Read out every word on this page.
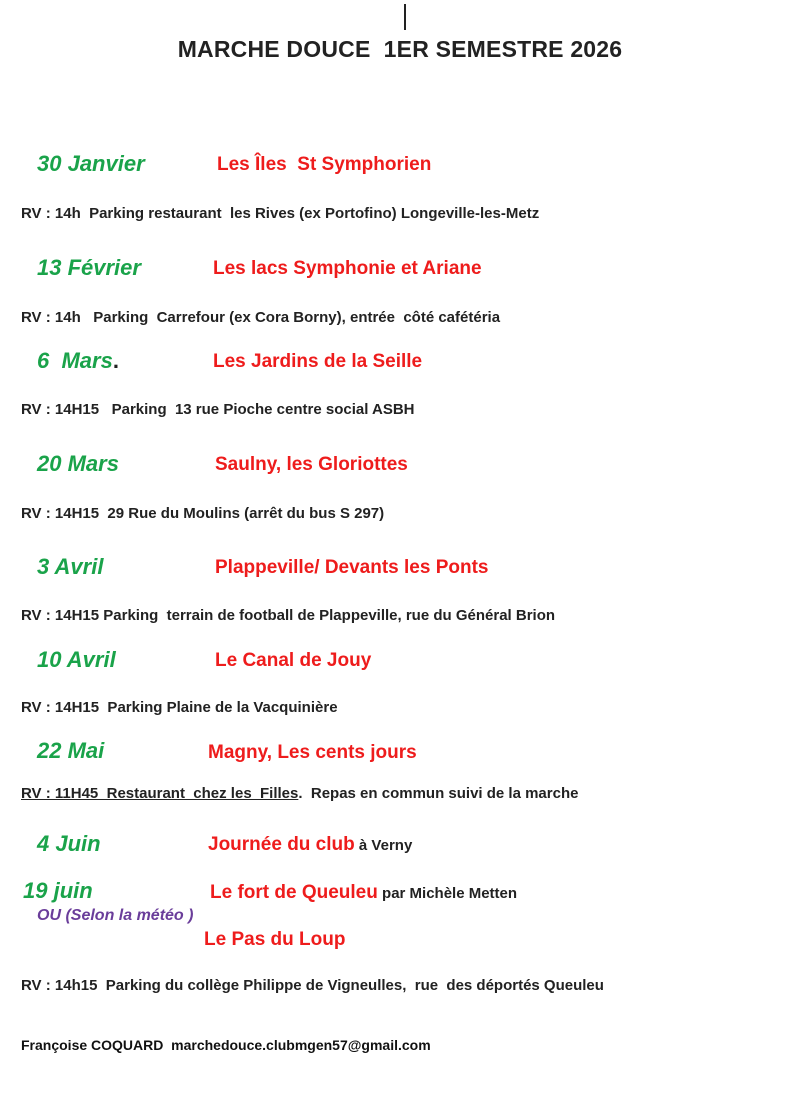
MARCHE DOUCE  1ER SEMESTRE 2026
30 Janvier	Les Îles  St Symphorien
RV : 14h  Parking restaurant  les Rives (ex Portofino) Longeville-les-Metz
13 Février	Les lacs Symphonie et Ariane
RV : 14h   Parking  Carrefour (ex Cora Borny), entrée  côté cafétéria
6  Mars.	Les Jardins de la Seille
RV : 14H15   Parking  13 rue Pioche centre social ASBH
20 Mars	Saulny, les Gloriottes
RV : 14H15  29 Rue du Moulins (arrêt du bus S 297)
3 Avril	Plappeville/ Devants les Ponts
RV : 14H15 Parking  terrain de football de Plappeville, rue du Général Brion
10 Avril	Le Canal de Jouy
RV : 14H15  Parking Plaine de la Vacquinière
22 Mai	Magny, Les cents jours
RV : 11H45  Restaurant  chez les  Filles.  Repas en commun suivi de la marche
4 Juin	Journée du club à Verny
19 juin	Le fort de Queuleu par Michèle Metten
OU (Selon la météo )
Le Pas du Loup
RV : 14h15  Parking du collège Philippe de Vigneulles,  rue  des déportés Queuleu
Françoise COQUARD  marchedouce.clubmgen57@gmail.com
